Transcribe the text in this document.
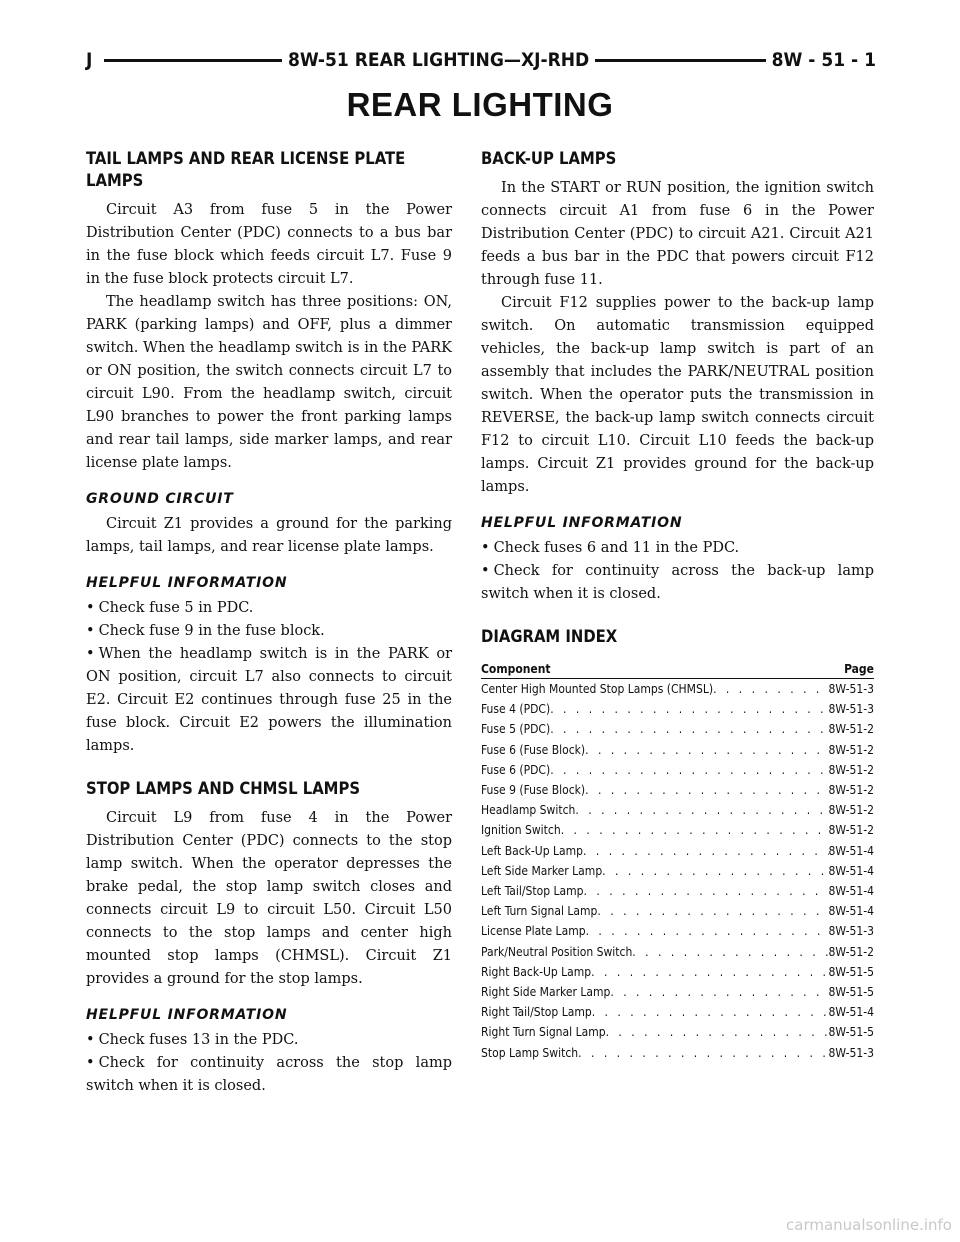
J	8W-51 REAR LIGHTING—XJ-RHD	8W - 51 - 1
REAR LIGHTING
TAIL LAMPS AND REAR LICENSE PLATE LAMPS

Circuit A3 from fuse 5 in the Power Distribution Center (PDC) connects to a bus bar in the fuse block which feeds circuit L7. Fuse 9 in the fuse block protects circuit L7.

The headlamp switch has three positions: ON, PARK (parking lamps) and OFF, plus a dimmer switch. When the headlamp switch is in the PARK or ON position, the switch connects circuit L7 to circuit L90. From the headlamp switch, circuit L90 branches to power the front parking lamps and rear tail lamps, side marker lamps, and rear license plate lamps.

GROUND CIRCUIT

Circuit Z1 provides a ground for the parking lamps, tail lamps, and rear license plate lamps.

HELPFUL INFORMATION

• Check fuse 5 in PDC.

• Check fuse 9 in the fuse block.

• When the headlamp switch is in the PARK or ON position, circuit L7 also connects to circuit E2. Circuit E2 continues through fuse 25 in the fuse block. Circuit E2 powers the illumination lamps.

STOP LAMPS AND CHMSL LAMPS

Circuit L9 from fuse 4 in the Power Distribution Center (PDC) connects to the stop lamp switch. When the operator depresses the brake pedal, the stop lamp switch closes and connects circuit L9 to circuit L50. Circuit L50 connects to the stop lamps and center high mounted stop lamps (CHMSL). Circuit Z1 provides a ground for the stop lamps.

HELPFUL INFORMATION

• Check fuses 13 in the PDC.

• Check for continuity across the stop lamp switch when it is closed.

BACK-UP LAMPS

In the START or RUN position, the ignition switch connects circuit A1 from fuse 6 in the Power Distribution Center (PDC) to circuit A21. Circuit A21 feeds a bus bar in the PDC that powers circuit F12 through fuse 11.

Circuit F12 supplies power to the back-up lamp switch. On automatic transmission equipped vehicles, the back-up lamp switch is part of an assembly that includes the PARK/NEUTRAL position switch. When the operator puts the transmission in REVERSE, the back-up lamp switch connects circuit F12 to circuit L10. Circuit L10 feeds the back-up lamps. Circuit Z1 provides ground for the back-up lamps.

HELPFUL INFORMATION

• Check fuses 6 and 11 in the PDC.

• Check for continuity across the back-up lamp switch when it is closed.

DIAGRAM INDEX
Component	Page
Center High Mounted Stop Lamps (CHMSL) . . .	8W-51-3
Fuse 4 (PDC) . . .	8W-51-3
Fuse 5 (PDC) . . .	8W-51-2
Fuse 6 (Fuse Block) . . .	8W-51-2
Fuse 6 (PDC) . . .	8W-51-2
Fuse 9 (Fuse Block) . . .	8W-51-2
Headlamp Switch . . .	8W-51-2
Ignition Switch . . .	8W-51-2
Left Back-Up Lamp . . .	8W-51-4
Left Side Marker Lamp . . .	8W-51-4
Left Tail/Stop Lamp . . .	8W-51-4
Left Turn Signal Lamp . . .	8W-51-4
License Plate Lamp . . .	8W-51-3
Park/Neutral Position Switch . . .	8W-51-2
Right Back-Up Lamp . . .	8W-51-5
Right Side Marker Lamp . . .	8W-51-5
Right Tail/Stop Lamp . . .	8W-51-4
Right Turn Signal Lamp . . .	8W-51-5
Stop Lamp Switch . . .	8W-51-3
carmanualsonline.info
